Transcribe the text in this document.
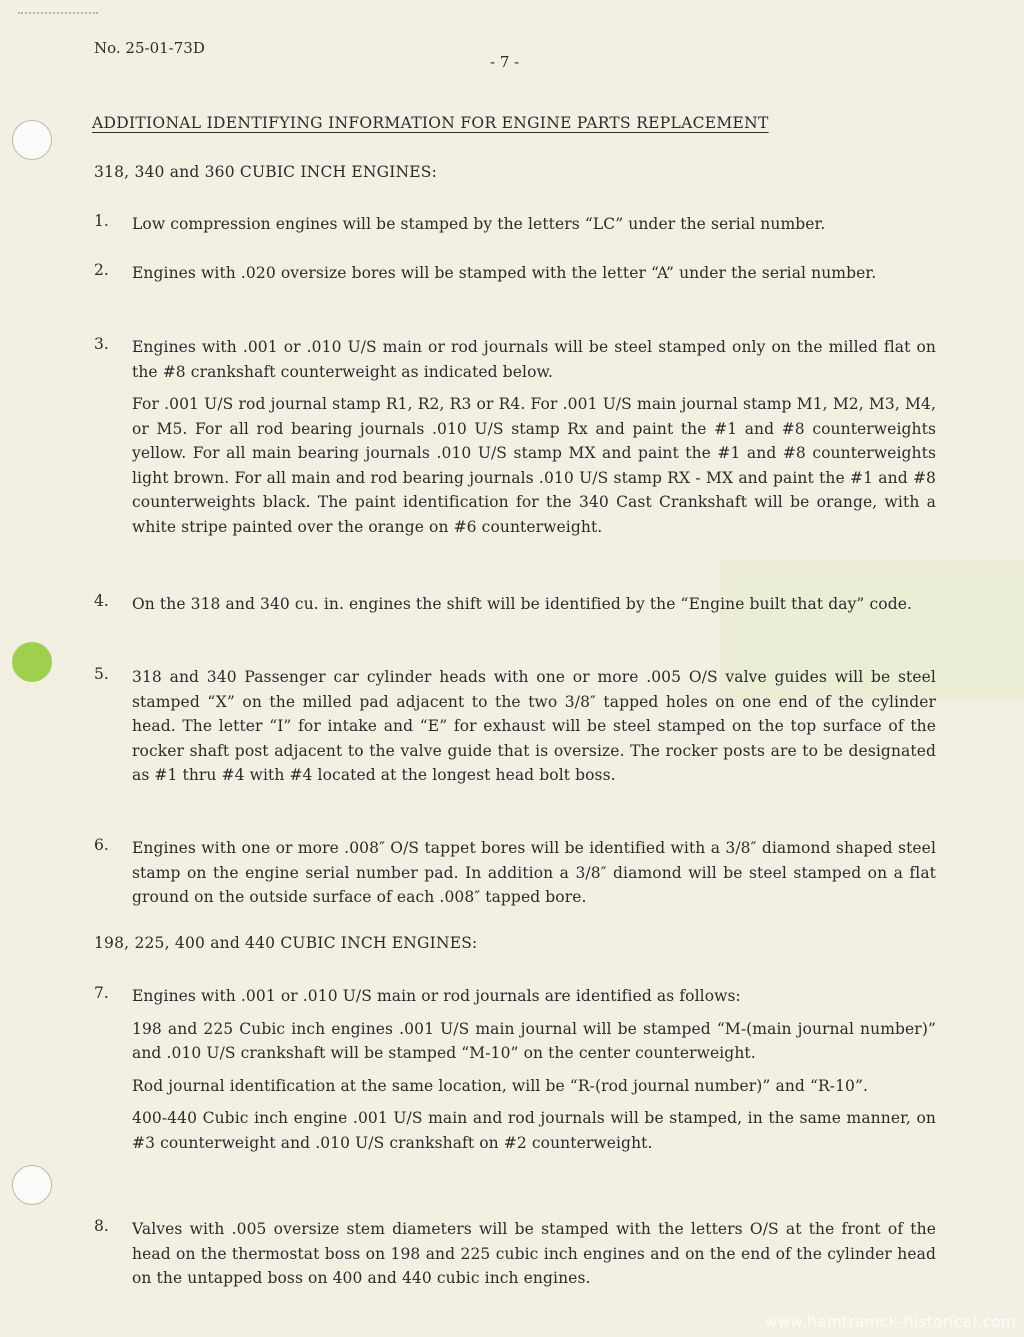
No. 25-01-73D
- 7 -
ADDITIONAL IDENTIFYING INFORMATION FOR ENGINE PARTS REPLACEMENT
318, 340 and 360 CUBIC INCH ENGINES:
1. Low compression engines will be stamped by the letters “LC” under the serial number.
2. Engines with .020 oversize bores will be stamped with the letter “A” under the serial number.
3. Engines with .001 or .010 U/S main or rod journals will be steel stamped only on the milled flat on the #8 crankshaft counterweight as indicated below.
For .001 U/S rod journal stamp R1, R2, R3 or R4. For .001 U/S main journal stamp M1, M2, M3, M4, or M5. For all rod bearing journals .010 U/S stamp Rx and paint the #1 and #8 counterweights yellow. For all main bearing journals .010 U/S stamp MX and paint the #1 and #8 counterweights light brown. For all main and rod bearing journals .010 U/S stamp RX - MX and paint the #1 and #8 counterweights black. The paint identification for the 340 Cast Crankshaft will be orange, with a white stripe painted over the orange on #6 counterweight.
4. On the 318 and 340 cu. in. engines the shift will be identified by the “Engine built that day” code.
5. 318 and 340 Passenger car cylinder heads with one or more .005 O/S valve guides will be steel stamped “X” on the milled pad adjacent to the two 3/8″ tapped holes on one end of the cylinder head. The letter “I” for intake and “E” for exhaust will be steel stamped on the top surface of the rocker shaft post adjacent to the valve guide that is oversize. The rocker posts are to be designated as #1 thru #4 with #4 located at the longest head bolt boss.
6. Engines with one or more .008″ O/S tappet bores will be identified with a 3/8″ diamond shaped steel stamp on the engine serial number pad. In addition a 3/8″ diamond will be steel stamped on a flat ground on the outside surface of each .008″ tapped bore.
198, 225, 400 and 440 CUBIC INCH ENGINES:
7. Engines with .001 or .010 U/S main or rod journals are identified as follows:
198 and 225 Cubic inch engines .001 U/S main journal will be stamped “M-(main journal number)” and .010 U/S crankshaft will be stamped “M-10” on the center counterweight.
Rod journal identification at the same location, will be “R-(rod journal number)” and “R-10”.
400-440 Cubic inch engine .001 U/S main and rod journals will be stamped, in the same manner, on #3 counterweight and .010 U/S crankshaft on #2 counterweight.
8. Valves with .005 oversize stem diameters will be stamped with the letters O/S at the front of the head on the thermostat boss on 198 and 225 cubic inch engines and on the end of the cylinder head on the untapped boss on 400 and 440 cubic inch engines.
www.hamtramck-historical.com
